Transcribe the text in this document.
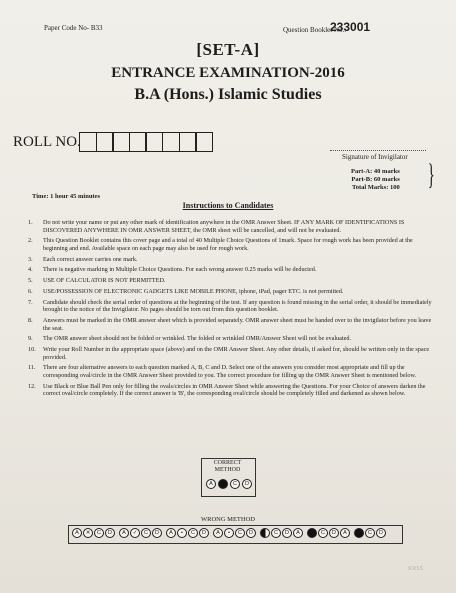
Paper Code No- B33	Question Booklet No.:
233001
[SET-A]
ENTRANCE EXAMINATION-2016
B.A (Hons.) Islamic Studies
ROLL NO.
Signature of Invigilator
Part-A: 40 marks
Part-B: 60 marks
Total Marks: 100 }
Time: 1 hour 45 minutes
Instructions to Candidates
1.	Do not write your name or put any other mark of identification anywhere in the OMR Answer Sheet. IF ANY MARK OF IDENTIFICATIONS IS DISCOVERED ANYWHERE IN OMR ANSWER SHEET, the OMR sheet will be cancelled, and will not be evaluated.
2.	This Question Booklet contains this cover page and a total of 40 Multiple Choice Questions of 1mark. Space for rough work has been provided at the beginning and end. Available space on each page may also be used for rough work.
3.	Each correct answer carries one mark.
4.	There is negative marking in Multiple Choice Questions. For each wrong answer 0.25 marks will be deducted.
5.	USE OF CALCULATOR IS NOT PERMITTED.
6.	USE/POSSESSION OF ELECTRONIC GADGETS LIKE MOBILE PHONE, iphone, iPad, pager ETC. is not permitted.
7.	Candidate should check the serial order of questions at the beginning of the test. If any question is found missing in the serial order, it should be immediately brought to the notice of the Invigilator. No pages should be torn out from this question booklet.
8.	Answers must be marked in the OMR answer sheet which is provided separately. OMR answer sheet must be handed over to the invigilator before you leave the seat.
9.	The OMR answer sheet should not be folded or wrinkled. The folded or wrinkled OMR/Answer Sheet will not be evaluated.
10.	Write your Roll Number in the appropriate space (above) and on the OMR Answer Sheet. Any other details, if asked for, should be written only in the space provided.
11.	There are four alternative answers to each question marked A, B, C and D. Select one of the answers you consider most appropriate and fill up the corresponding oval/circle in the OMR Answer Sheet provided to you. The correct procedure for filling up the OMR Answer Sheet is mentioned below.
12.	Use Black or Blue Ball Pen only for filling the ovals/circles in OMR Answer Sheet while answering the Questions. For your Choice of answers darken the correct oval/circle completely. If the correct answer is 'B', the corresponding oval/circle should be completely filled and darkened as shown below.
CORRECT METHOD
A	C	D
WRONG METHOD
A	✕	C	D	A	✓	C	D	A	•	C	D	A	•	C	D	C	D	A	C	D	A	C	D
KRSS
